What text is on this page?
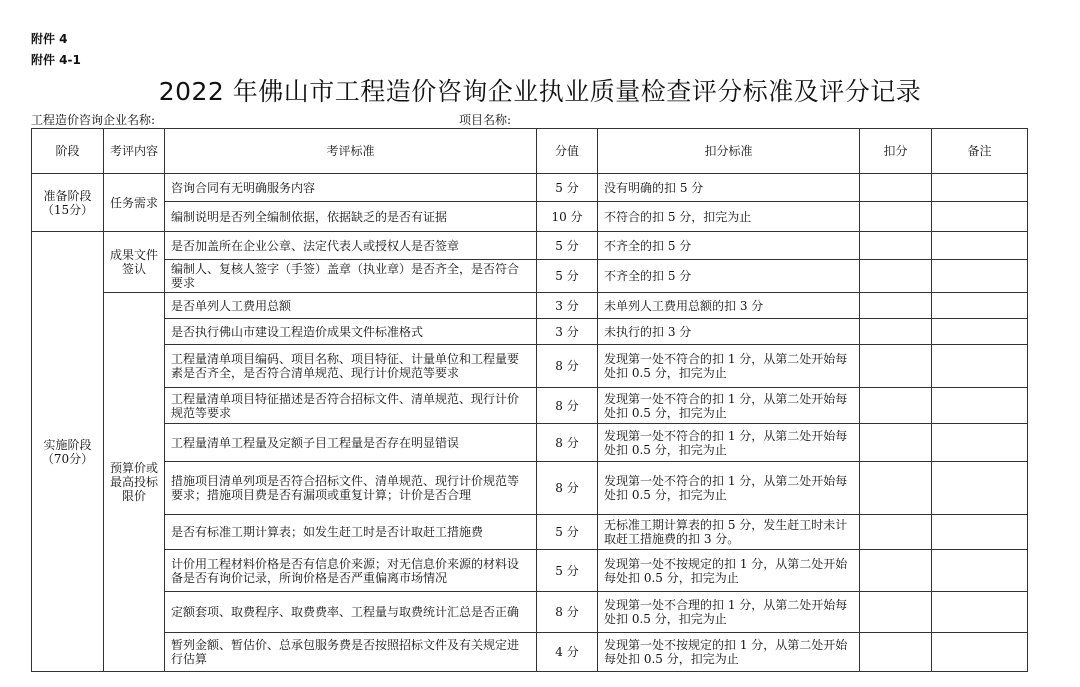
附件 4
附件 4-1
2022 年佛山市工程造价咨询企业执业质量检查评分标准及评分记录
工程造价咨询企业名称:	项目名称:
阶段	考评内容	考评标准	分值	扣分标准	扣分	备注
准备阶段（15分）	任务需求	咨询合同有无明确服务内容	5 分	没有明确的扣 5 分		
		编制说明是否列全编制依据，依据缺乏的是否有证据	10 分	不符合的扣 5 分，扣完为止		
实施阶段（70分）	成果文件签认	是否加盖所在企业公章、法定代表人或授权人是否签章	5 分	不齐全的扣 5 分		
		编制人、复核人签字（手签）盖章（执业章）是否齐全，是否符合要求	5 分	不齐全的扣 5 分		
	预算价或最高投标限价	是否单列人工费用总额	3 分	未单列人工费用总额的扣 3 分		
		是否执行佛山市建设工程造价成果文件标准格式	3 分	未执行的扣 3 分		
		工程量清单项目编码、项目名称、项目特征、计量单位和工程量要素是否齐全，是否符合清单规范、现行计价规范等要求	8 分	发现第一处不符合的扣 1 分，从第二处开始每处扣 0.5 分，扣完为止		
		工程量清单项目特征描述是否符合招标文件、清单规范、现行计价规范等要求	8 分	发现第一处不符合的扣 1 分，从第二处开始每处扣 0.5 分，扣完为止		
		工程量清单工程量及定额子目工程量是否存在明显错误	8 分	发现第一处不符合的扣 1 分，从第二处开始每处扣 0.5 分，扣完为止		
		措施项目清单列项是否符合招标文件、清单规范、现行计价规范等要求；措施项目费是否有漏项或重复计算；计价是否合理	8 分	发现第一处不符合的扣 1 分，从第二处开始每处扣 0.5 分，扣完为止		
		是否有标准工期计算表；如发生赶工时是否计取赶工措施费	5 分	无标准工期计算表的扣 5 分，发生赶工时未计取赶工措施费的扣 3 分。		
		计价用工程材料价格是否有信息价来源；对无信息价来源的材料设备是否有询价记录，所询价格是否严重偏离市场情况	5 分	发现第一处不按规定的扣 1 分，从第二处开始每处扣 0.5 分，扣完为止		
		定额套项、取费程序、取费费率、工程量与取费统计汇总是否正确	8 分	发现第一处不合理的扣 1 分，从第二处开始每处扣 0.5 分，扣完为止		
		暂列金额、暂估价、总承包服务费是否按照招标文件及有关规定进行估算	4 分	发现第一处不按规定的扣 1 分，从第二处开始每处扣 0.5 分，扣完为止		
